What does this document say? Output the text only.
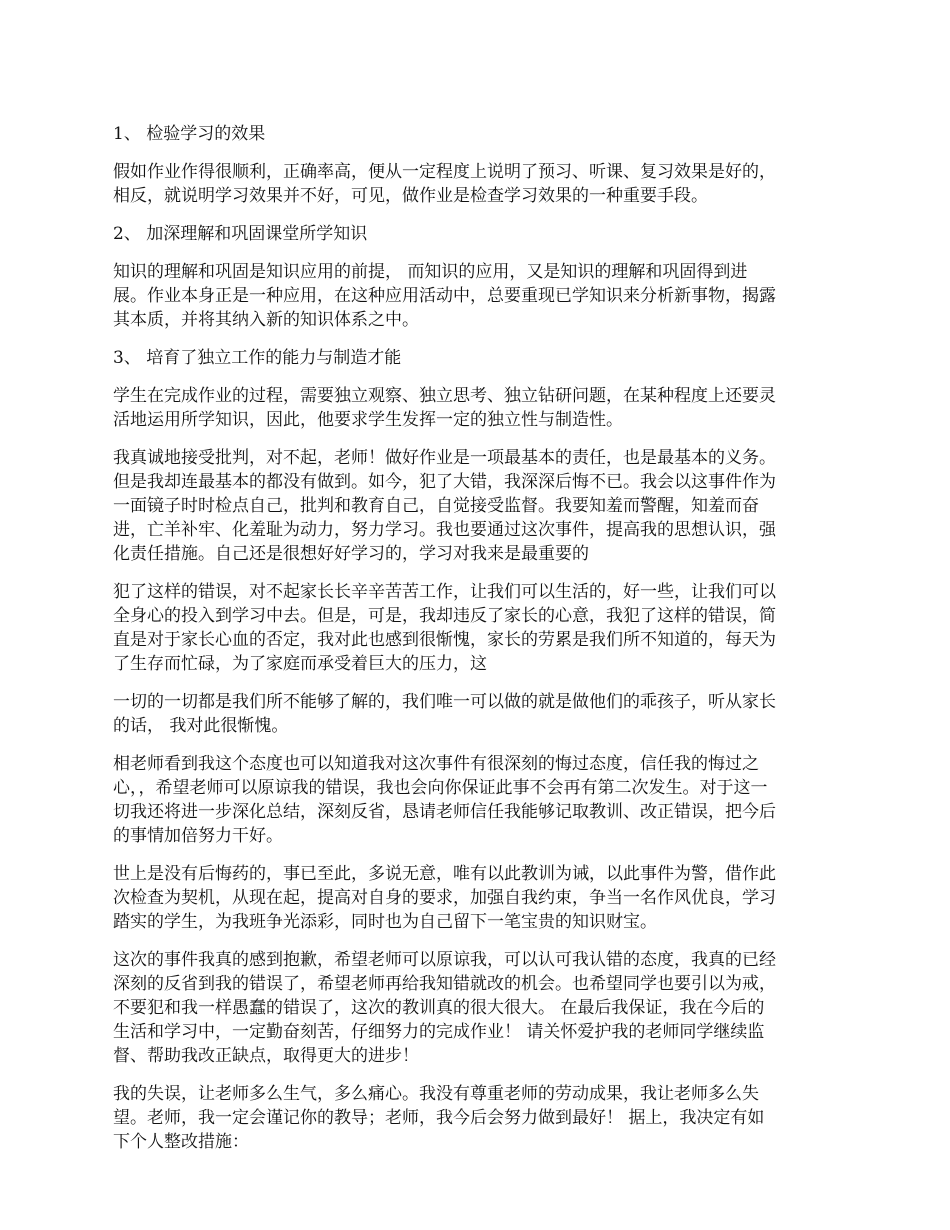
1、 检验学习的效果
假如作业作得很顺利，正确率高，便从一定程度上说明了预习、听课、复习效果是好的，
相反，就说明学习效果并不好，可见，做作业是检查学习效果的一种重要手段。
2、 加深理解和巩固课堂所学知识
知识的理解和巩固是知识应用的前提， 而知识的应用，又是知识的理解和巩固得到进
展。作业本身正是一种应用，在这种应用活动中，总要重现已学知识来分析新事物，揭露
其本质，并将其纳入新的知识体系之中。
3、 培育了独立工作的能力与制造才能
学生在完成作业的过程，需要独立观察、独立思考、独立钻研问题，在某种程度上还要灵
活地运用所学知识，因此，他要求学生发挥一定的独立性与制造性。
我真诚地接受批判，对不起，老师！做好作业是一项最基本的责任，也是最基本的义务。
但是我却连最基本的都没有做到。如今，犯了大错，我深深后悔不已。我会以这事件作为
一面镜子时时检点自己，批判和教育自己，自觉接受监督。我要知羞而警醒，知羞而奋
进，亡羊补牢、化羞耻为动力，努力学习。我也要通过这次事件，提高我的思想认识，强
化责任措施。自己还是很想好好学习的，学习对我来是最重要的
犯了这样的错误，对不起家长长辛辛苦苦工作，让我们可以生活的，好一些，让我们可以
全身心的投入到学习中去。但是，可是，我却违反了家长的心意，我犯了这样的错误，简
直是对于家长心血的否定，我对此也感到很惭愧，家长的劳累是我们所不知道的，每天为
了生存而忙碌，为了家庭而承受着巨大的压力，这
一切的一切都是我们所不能够了解的，我们唯一可以做的就是做他们的乖孩子，听从家长
的话， 我对此很惭愧。
相老师看到我这个态度也可以知道我对这次事件有很深刻的悔过态度，信任我的悔过之
心，，希望老师可以原谅我的错误，我也会向你保证此事不会再有第二次发生。对于这一
切我还将进一步深化总结，深刻反省，恳请老师信任我能够记取教训、改正错误，把今后
的事情加倍努力干好。
世上是没有后悔药的，事已至此，多说无意，唯有以此教训为诫，以此事件为警，借作此
次检查为契机，从现在起，提高对自身的要求，加强自我约束，争当一名作风优良，学习
踏实的学生，为我班争光添彩，同时也为自己留下一笔宝贵的知识财宝。
这次的事件我真的感到抱歉，希望老师可以原谅我，可以认可我认错的态度，我真的已经
深刻的反省到我的错误了，希望老师再给我知错就改的机会。也希望同学也要引以为戒，
不要犯和我一样愚蠢的错误了，这次的教训真的很大很大。 在最后我保证，我在今后的
生活和学习中，一定勤奋刻苦，仔细努力的完成作业！ 请关怀爱护我的老师同学继续监
督、帮助我改正缺点，取得更大的进步！
我的失误，让老师多么生气，多么痛心。我没有尊重老师的劳动成果，我让老师多么失
望。老师，我一定会谨记你的教导；老师，我今后会努力做到最好！ 据上，我决定有如
下个人整改措施：
